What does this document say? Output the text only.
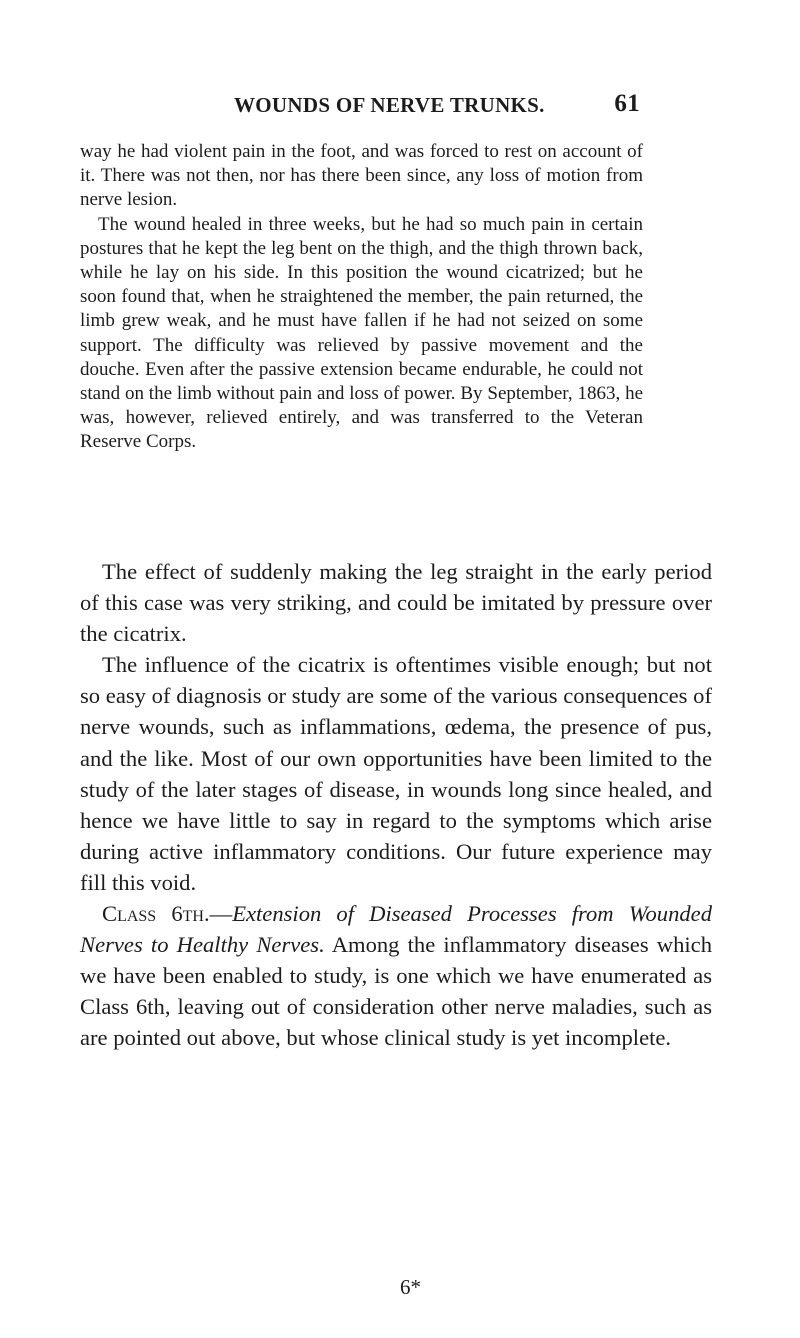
WOUNDS OF NERVE TRUNKS.	61

way he had violent pain in the foot, and was forced to rest on account of it. There was not then, nor has there been since, any loss of motion from nerve lesion.

The wound healed in three weeks, but he had so much pain in certain postures that he kept the leg bent on the thigh, and the thigh thrown back, while he lay on his side. In this position the wound cicatrized; but he soon found that, when he straightened the member, the pain returned, the limb grew weak, and he must have fallen if he had not seized on some support. The difficulty was relieved by passive movement and the douche. Even after the passive extension became endurable, he could not stand on the limb without pain and loss of power. By September, 1863, he was, however, relieved entirely, and was transferred to the Veteran Reserve Corps.

The effect of suddenly making the leg straight in the early period of this case was very striking, and could be imitated by pressure over the cicatrix.

The influence of the cicatrix is oftentimes visible enough; but not so easy of diagnosis or study are some of the various consequences of nerve wounds, such as inflammations, œdema, the presence of pus, and the like. Most of our own opportunities have been limited to the study of the later stages of disease, in wounds long since healed, and hence we have little to say in regard to the symptoms which arise during active inflammatory conditions. Our future experience may fill this void.

Class 6th.—Extension of Diseased Processes from Wounded Nerves to Healthy Nerves. Among the inflammatory diseases which we have been enabled to study, is one which we have enumerated as Class 6th, leaving out of consideration other nerve maladies, such as are pointed out above, but whose clinical study is yet incomplete.

6*
